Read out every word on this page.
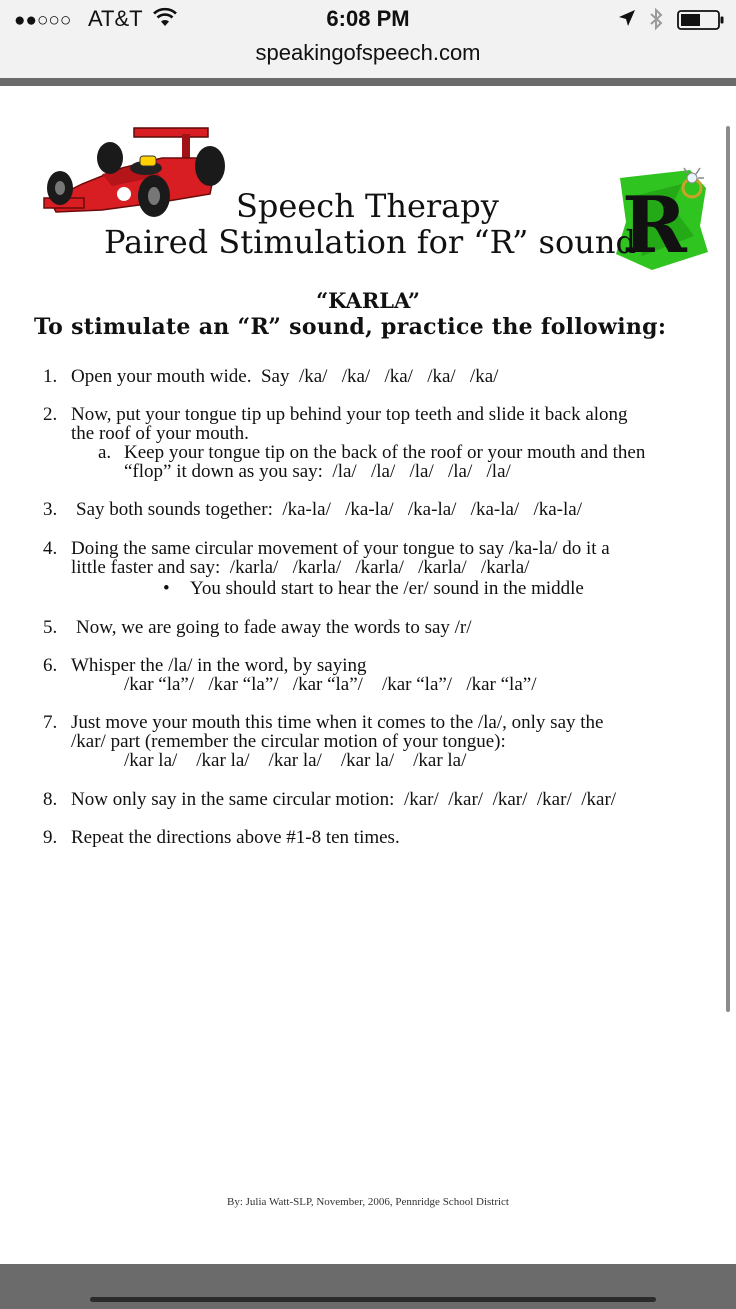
●●○○○ AT&T	6:08 PM
speakingofspeech.com
R
Speech Therapy
Paired Stimulation for “R” sound
“KARLA”
To stimulate an “R” sound, practice the following:
1. Open your mouth wide.  Say  /ka/   /ka/   /ka/   /ka/   /ka/
2. Now, put your tongue tip up behind your top teeth and slide it back along
the roof of your mouth.
a. Keep your tongue tip on the back of the roof or your mouth and then
“flop” it down as you say:  /la/   /la/   /la/   /la/   /la/
3. Say both sounds together:  /ka-la/   /ka-la/   /ka-la/   /ka-la/   /ka-la/
4. Doing the same circular movement of your tongue to say /ka-la/ do it a
little faster and say:  /karla/   /karla/   /karla/   /karla/   /karla/
• You should start to hear the /er/ sound in the middle
5. Now, we are going to fade away the words to say /r/
6. Whisper the /la/ in the word, by saying
/kar “la”/   /kar “la”/   /kar “la”/    /kar “la”/   /kar “la”/
7. Just move your mouth this time when it comes to the /la/, only say the
/kar/ part (remember the circular motion of your tongue):
/kar la/    /kar la/    /kar la/    /kar la/    /kar la/
8. Now only say in the same circular motion:  /kar/  /kar/  /kar/  /kar/  /kar/
9. Repeat the directions above #1-8 ten times.
By: Julia Watt-SLP, November, 2006, Pennridge School District
